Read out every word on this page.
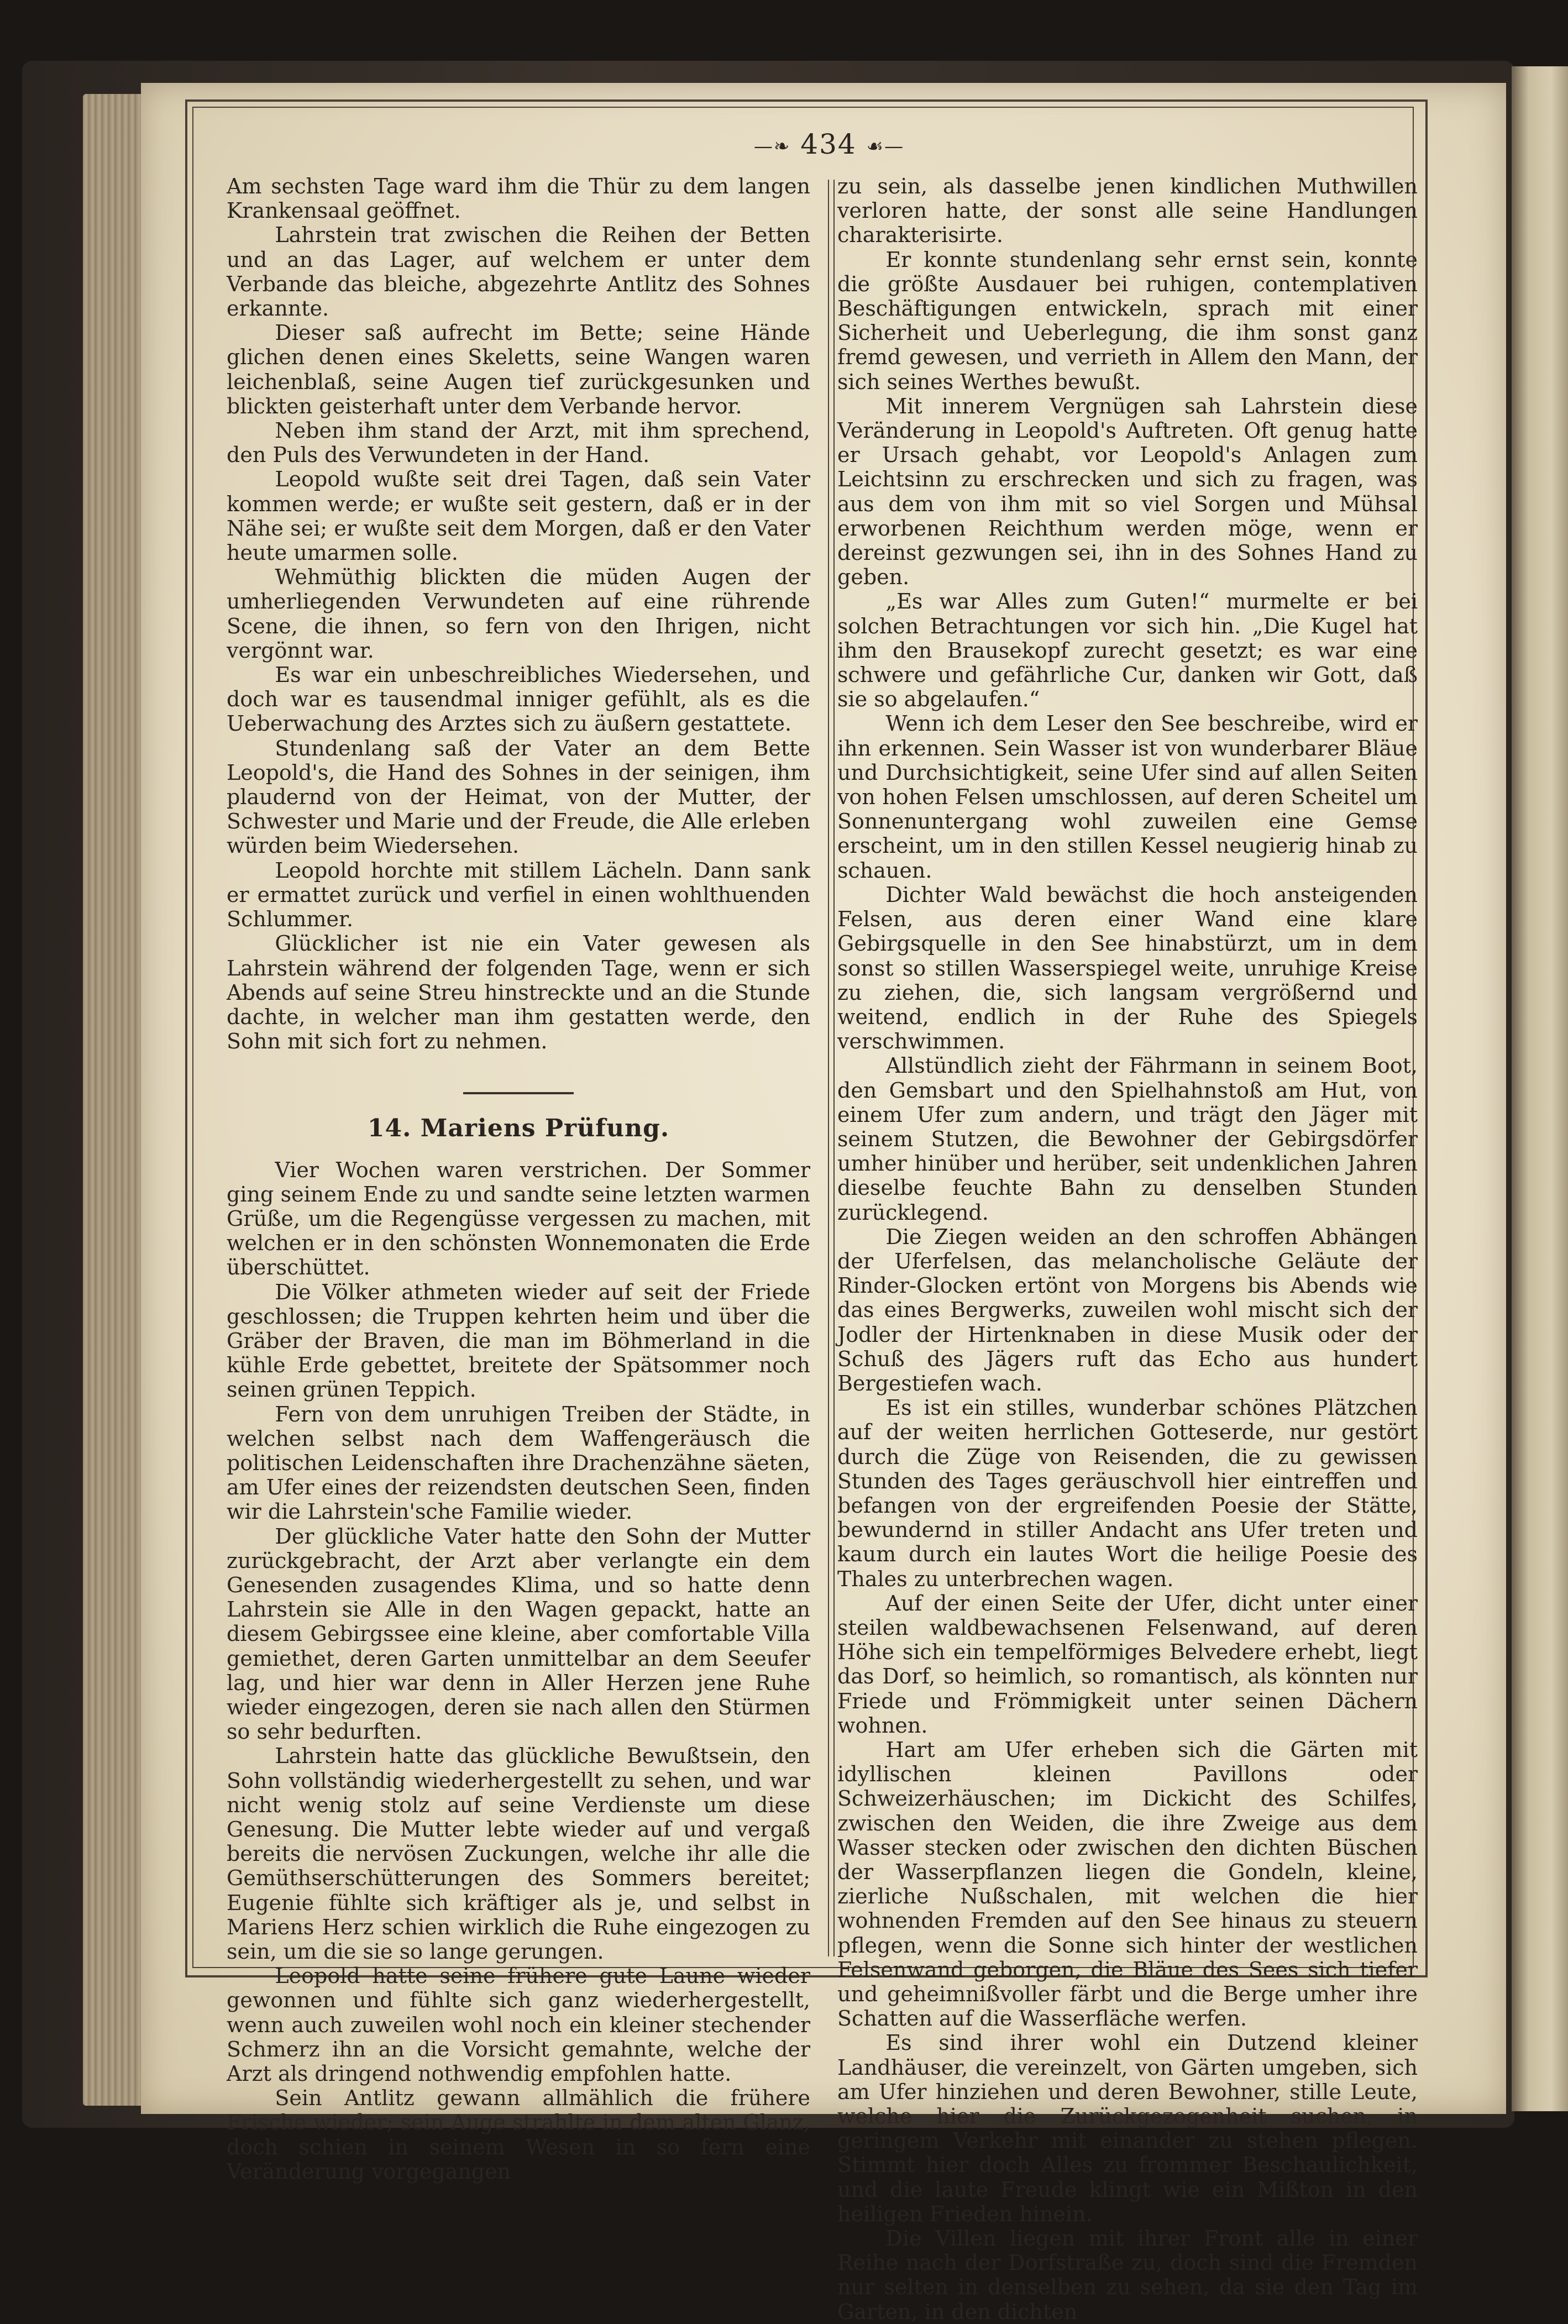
—❧ 434 ☙—

Am sechsten Tage ward ihm die Thür zu dem langen Krankensaal geöffnet.

Lahrstein trat zwischen die Reihen der Betten und an das Lager, auf welchem er unter dem Verbande das bleiche, abgezehrte Antlitz des Sohnes erkannte.

Dieser saß aufrecht im Bette; seine Hände glichen denen eines Skeletts, seine Wangen waren leichenblaß, seine Augen tief zurückgesunken und blickten geisterhaft unter dem Verbande hervor.

Neben ihm stand der Arzt, mit ihm sprechend, den Puls des Verwundeten in der Hand.

Leopold wußte seit drei Tagen, daß sein Vater kommen werde; er wußte seit gestern, daß er in der Nähe sei; er wußte seit dem Morgen, daß er den Vater heute umarmen solle.

Wehmüthig blickten die müden Augen der umherliegenden Verwundeten auf eine rührende Scene, die ihnen, so fern von den Ihrigen, nicht vergönnt war.

Es war ein unbeschreibliches Wiedersehen, und doch war es tausendmal inniger gefühlt, als es die Ueberwachung des Arztes sich zu äußern gestattete.

Stundenlang saß der Vater an dem Bette Leopold's, die Hand des Sohnes in der seinigen, ihm plaudernd von der Heimat, von der Mutter, der Schwester und Marie und der Freude, die Alle erleben würden beim Wiedersehen.

Leopold horchte mit stillem Lächeln. Dann sank er ermattet zurück und verfiel in einen wohlthuenden Schlummer.

Glücklicher ist nie ein Vater gewesen als Lahrstein während der folgenden Tage, wenn er sich Abends auf seine Streu hinstreckte und an die Stunde dachte, in welcher man ihm gestatten werde, den Sohn mit sich fort zu nehmen.

14. Mariens Prüfung.

Vier Wochen waren verstrichen. Der Sommer ging seinem Ende zu und sandte seine letzten warmen Grüße, um die Regengüsse vergessen zu machen, mit welchen er in den schönsten Wonnemonaten die Erde überschüttet.

Die Völker athmeten wieder auf seit der Friede geschlossen; die Truppen kehrten heim und über die Gräber der Braven, die man im Böhmerland in die kühle Erde gebettet, breitete der Spätsommer noch seinen grünen Teppich.

Fern von dem unruhigen Treiben der Städte, in welchen selbst nach dem Waffengeräusch die politischen Leidenschaften ihre Drachenzähne säeten, am Ufer eines der reizendsten deutschen Seen, finden wir die Lahrstein'sche Familie wieder.

Der glückliche Vater hatte den Sohn der Mutter zurückgebracht, der Arzt aber verlangte ein dem Genesenden zusagendes Klima, und so hatte denn Lahrstein sie Alle in den Wagen gepackt, hatte an diesem Gebirgssee eine kleine, aber comfortable Villa gemiethet, deren Garten unmittelbar an dem Seeufer lag, und hier war denn in Aller Herzen jene Ruhe wieder eingezogen, deren sie nach allen den Stürmen so sehr bedurften.

Lahrstein hatte das glückliche Bewußtsein, den Sohn vollständig wiederhergestellt zu sehen, und war nicht wenig stolz auf seine Verdienste um diese Genesung. Die Mutter lebte wieder auf und vergaß bereits die nervösen Zuckungen, welche ihr alle die Gemüthserschütterungen des Sommers bereitet; Eugenie fühlte sich kräftiger als je, und selbst in Mariens Herz schien wirklich die Ruhe eingezogen zu sein, um die sie so lange gerungen.

Leopold hatte seine frühere gute Laune wieder gewonnen und fühlte sich ganz wiederhergestellt, wenn auch zuweilen wohl noch ein kleiner stechender Schmerz ihn an die Vorsicht gemahnte, welche der Arzt als dringend nothwendig empfohlen hatte.

Sein Antlitz gewann allmählich die frühere Frische wieder; sein Auge strahlte in dem alten Glanz, doch schien in seinem Wesen in so fern eine Veränderung vorgegangen

zu sein, als dasselbe jenen kindlichen Muthwillen verloren hatte, der sonst alle seine Handlungen charakterisirte.

Er konnte stundenlang sehr ernst sein, konnte die größte Ausdauer bei ruhigen, contemplativen Beschäftigungen entwickeln, sprach mit einer Sicherheit und Ueberlegung, die ihm sonst ganz fremd gewesen, und verrieth in Allem den Mann, der sich seines Werthes bewußt.

Mit innerem Vergnügen sah Lahrstein diese Veränderung in Leopold's Auftreten. Oft genug hatte er Ursach gehabt, vor Leopold's Anlagen zum Leichtsinn zu erschrecken und sich zu fragen, was aus dem von ihm mit so viel Sorgen und Mühsal erworbenen Reichthum werden möge, wenn er dereinst gezwungen sei, ihn in des Sohnes Hand zu geben.

„Es war Alles zum Guten!“ murmelte er bei solchen Betrachtungen vor sich hin. „Die Kugel hat ihm den Brausekopf zurecht gesetzt; es war eine schwere und gefährliche Cur, danken wir Gott, daß sie so abgelaufen.“

Wenn ich dem Leser den See beschreibe, wird er ihn erkennen. Sein Wasser ist von wunderbarer Bläue und Durchsichtigkeit, seine Ufer sind auf allen Seiten von hohen Felsen umschlossen, auf deren Scheitel um Sonnenuntergang wohl zuweilen eine Gemse erscheint, um in den stillen Kessel neugierig hinab zu schauen.

Dichter Wald bewächst die hoch ansteigenden Felsen, aus deren einer Wand eine klare Gebirgsquelle in den See hinabstürzt, um in dem sonst so stillen Wasserspiegel weite, unruhige Kreise zu ziehen, die, sich langsam vergrößernd und weitend, endlich in der Ruhe des Spiegels verschwimmen.

Allstündlich zieht der Fährmann in seinem Boot, den Gemsbart und den Spielhahnstoß am Hut, von einem Ufer zum andern, und trägt den Jäger mit seinem Stutzen, die Bewohner der Gebirgsdörfer umher hinüber und herüber, seit undenklichen Jahren dieselbe feuchte Bahn zu denselben Stunden zurücklegend.

Die Ziegen weiden an den schroffen Abhängen der Uferfelsen, das melancholische Geläute der Rinder-Glocken ertönt von Morgens bis Abends wie das eines Bergwerks, zuweilen wohl mischt sich der Jodler der Hirtenknaben in diese Musik oder der Schuß des Jägers ruft das Echo aus hundert Bergestiefen wach.

Es ist ein stilles, wunderbar schönes Plätzchen auf der weiten herrlichen Gotteserde, nur gestört durch die Züge von Reisenden, die zu gewissen Stunden des Tages geräuschvoll hier eintreffen und befangen von der ergreifenden Poesie der Stätte, bewundernd in stiller Andacht ans Ufer treten und kaum durch ein lautes Wort die heilige Poesie des Thales zu unterbrechen wagen.

Auf der einen Seite der Ufer, dicht unter einer steilen waldbewachsenen Felsenwand, auf deren Höhe sich ein tempelförmiges Belvedere erhebt, liegt das Dorf, so heimlich, so romantisch, als könnten nur Friede und Frömmigkeit unter seinen Dächern wohnen.

Hart am Ufer erheben sich die Gärten mit idyllischen kleinen Pavillons oder Schweizerhäuschen; im Dickicht des Schilfes, zwischen den Weiden, die ihre Zweige aus dem Wasser stecken oder zwischen den dichten Büschen der Wasserpflanzen liegen die Gondeln, kleine, zierliche Nußschalen, mit welchen die hier wohnenden Fremden auf den See hinaus zu steuern pflegen, wenn die Sonne sich hinter der westlichen Felsenwand geborgen, die Bläue des Sees sich tiefer und geheimnißvoller färbt und die Berge umher ihre Schatten auf die Wasserfläche werfen.

Es sind ihrer wohl ein Dutzend kleiner Landhäuser, die vereinzelt, von Gärten umgeben, sich am Ufer hinziehen und deren Bewohner, stille Leute, welche hier die Zurückgezogenheit suchen, in geringem Verkehr mit einander zu stehen pflegen. Stimmt hier doch Alles zu frommer Beschaulichkeit, und die laute Freude klingt wie ein Mißton in den heiligen Frieden hinein.

Die Villen liegen mit ihrer Front alle in einer Reihe nach der Dorfstraße zu, doch sind die Fremden nur selten in denselben zu sehen, da sie den Tag im Garten, in den dichten
